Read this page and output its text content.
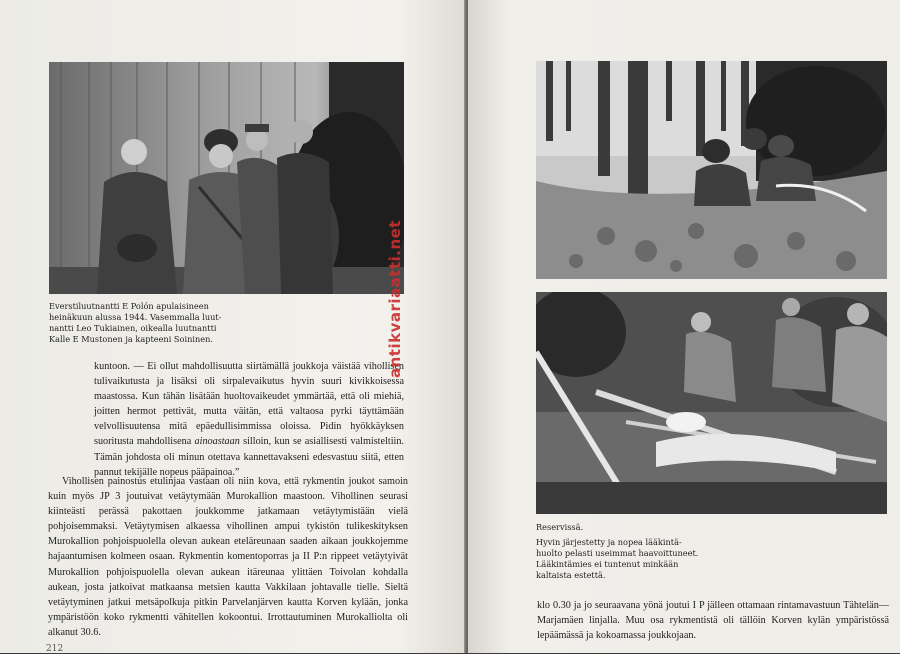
Everstiluutnantti E Polón apulaisineen
heinäkuun alussa 1944. Vasemmalla luut-
nantti Leo Tukiainen, oikealla luutnantti
Kalle E Mustonen ja kapteeni Soininen.

kuntoon. — Ei ollut mahdollisuutta siirtämällä joukkoja väistää vihollisen tulivaikutusta ja lisäksi oli sirpalevaikutus hyvin suuri kivikkoisessa maastossa. Kun tähän lisätään huoltovaikeudet ymmärtää, että oli miehiä, joitten hermot pettivät, mutta väitän, että valtaosa pyrki täyttämään velvollisuutensa mitä epäedullisimmissa oloissa. Pidin hyökkäyksen suoritusta mahdollisena ainoastaan silloin, kun se asiallisesti valmisteltiin. Tämän johdosta oli minun otettava kannettavakseni edesvastuu siitä, etten pannut tekijälle nopeus pääpainoa.”

Vihollisen painostus etulinjaa vastaan oli niin kova, että rykmentin joukot samoin kuin myös JP 3 joutuivat vetäytymään Murokallion maastoon. Vihollinen seurasi kiinteästi perässä pakottaen joukkomme jatkamaan vetäytymistään vielä pohjoisemmaksi. Vetäytymisen alkaessa vihollinen ampui tykistön tulikeskityksen Murokallion pohjoispuolella olevan aukean eteläreunaan saaden aikaan joukkojemme hajaantumisen kolmeen osaan. Rykmentin komentoporras ja II P:n rippeet vetäytyivät Murokallion pohjoispuolella olevan aukean itäreunaa ylittäen Toivolan kohdalla aukean, josta jatkoivat matkaansa metsien kautta Vakkilaan johtavalle tielle. Sieltä vetäytyminen jatkui metsäpolkuja pitkin Parvelanjärven kautta Korven kylään, jonka ympäristöön koko rykmentti vähitellen kokoontui. Irrottautuminen Murokalliolta oli alkanut 30.6.

antikvariaatti.net
212
Reservissä.
Hyvin järjestetty ja nopea lääkintä-
huolto pelasti useimmat haavoittuneet.
Lääkintämies ei tuntenut minkään
kaltaista estettä.

klo 0.30 ja jo seuraavana yönä joutui I P jälleen ottamaan rintamavastuun Tähtelän—Marjamäen linjalla. Muu osa rykmentistä oli tällöin Korven kylän ympäristössä lepäämässä ja kokoamassa joukkojaan.
